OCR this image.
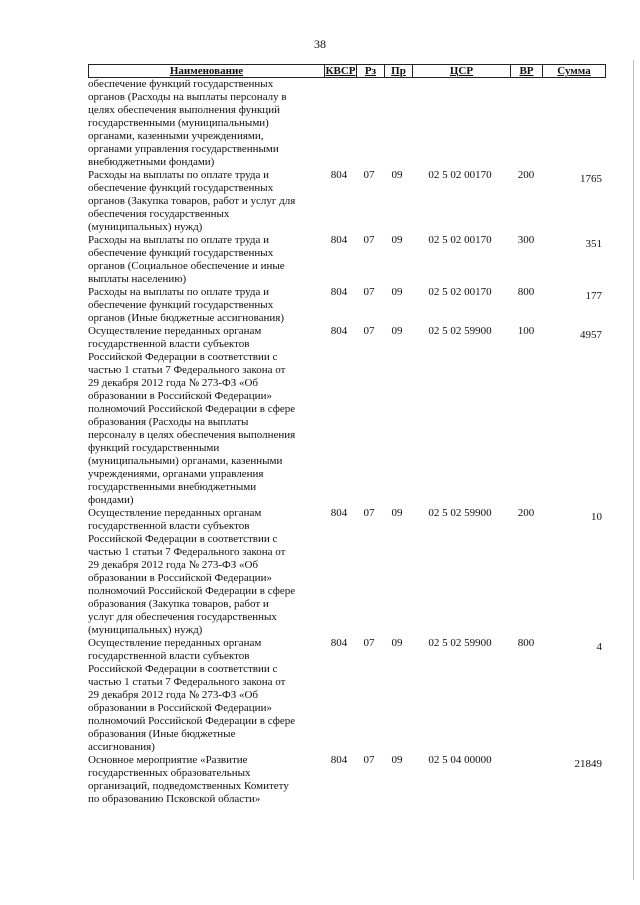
38
Наименование	КВСР Рз	Пр	ЦСР	ВР	Сумма
обеспечение функций государственных
органов (Расходы на выплаты персоналу в
целях обеспечения выполнения функций
государственными (муниципальными)
органами, казенными учреждениями,
органами управления государственными
внебюджетными фондами)
Расходы на выплаты по оплате труда и
обеспечение функций государственных
органов (Закупка товаров, работ и услуг для
обеспечения государственных
(муниципальных) нужд)
804	07	09	02 5 02 00170	200	1765
Расходы на выплаты по оплате труда и
обеспечение функций государственных
органов (Социальное обеспечение и иные
выплаты населению)
804	07	09	02 5 02 00170	300	351
Расходы на выплаты по оплате труда и
обеспечение функций государственных
органов (Иные бюджетные ассигнования)
804	07	09	02 5 02 00170	800	177
Осуществление переданных органам
государственной власти субъектов
Российской Федерации в соответствии с
частью 1 статьи 7 Федерального закона от
29 декабря 2012 года № 273-ФЗ «Об
образовании в Российской Федерации»
полномочий Российской Федерации в сфере
образования (Расходы на выплаты
персоналу в целях обеспечения выполнения
функций государственными
(муниципальными) органами, казенными
учреждениями, органами управления
государственными внебюджетными
фондами)
804	07	09	02 5 02 59900	100	4957
Осуществление переданных органам
государственной власти субъектов
Российской Федерации в соответствии с
частью 1 статьи 7 Федерального закона от
29 декабря 2012 года № 273-ФЗ «Об
образовании в Российской Федерации»
полномочий Российской Федерации в сфере
образования (Закупка товаров, работ и
услуг для обеспечения государственных
(муниципальных) нужд)
804	07	09	02 5 02 59900	200	10
Осуществление переданных органам
государственной власти субъектов
Российской Федерации в соответствии с
частью 1 статьи 7 Федерального закона от
29 декабря 2012 года № 273-ФЗ «Об
образовании в Российской Федерации»
полномочий Российской Федерации в сфере
образования (Иные бюджетные
ассигнования)
804	07	09	02 5 02 59900	800	4
Основное мероприятие «Развитие
государственных образовательных
организаций, подведомственных Комитету
по образованию Псковской области»
804	07	09	02 5 04 00000	21849
